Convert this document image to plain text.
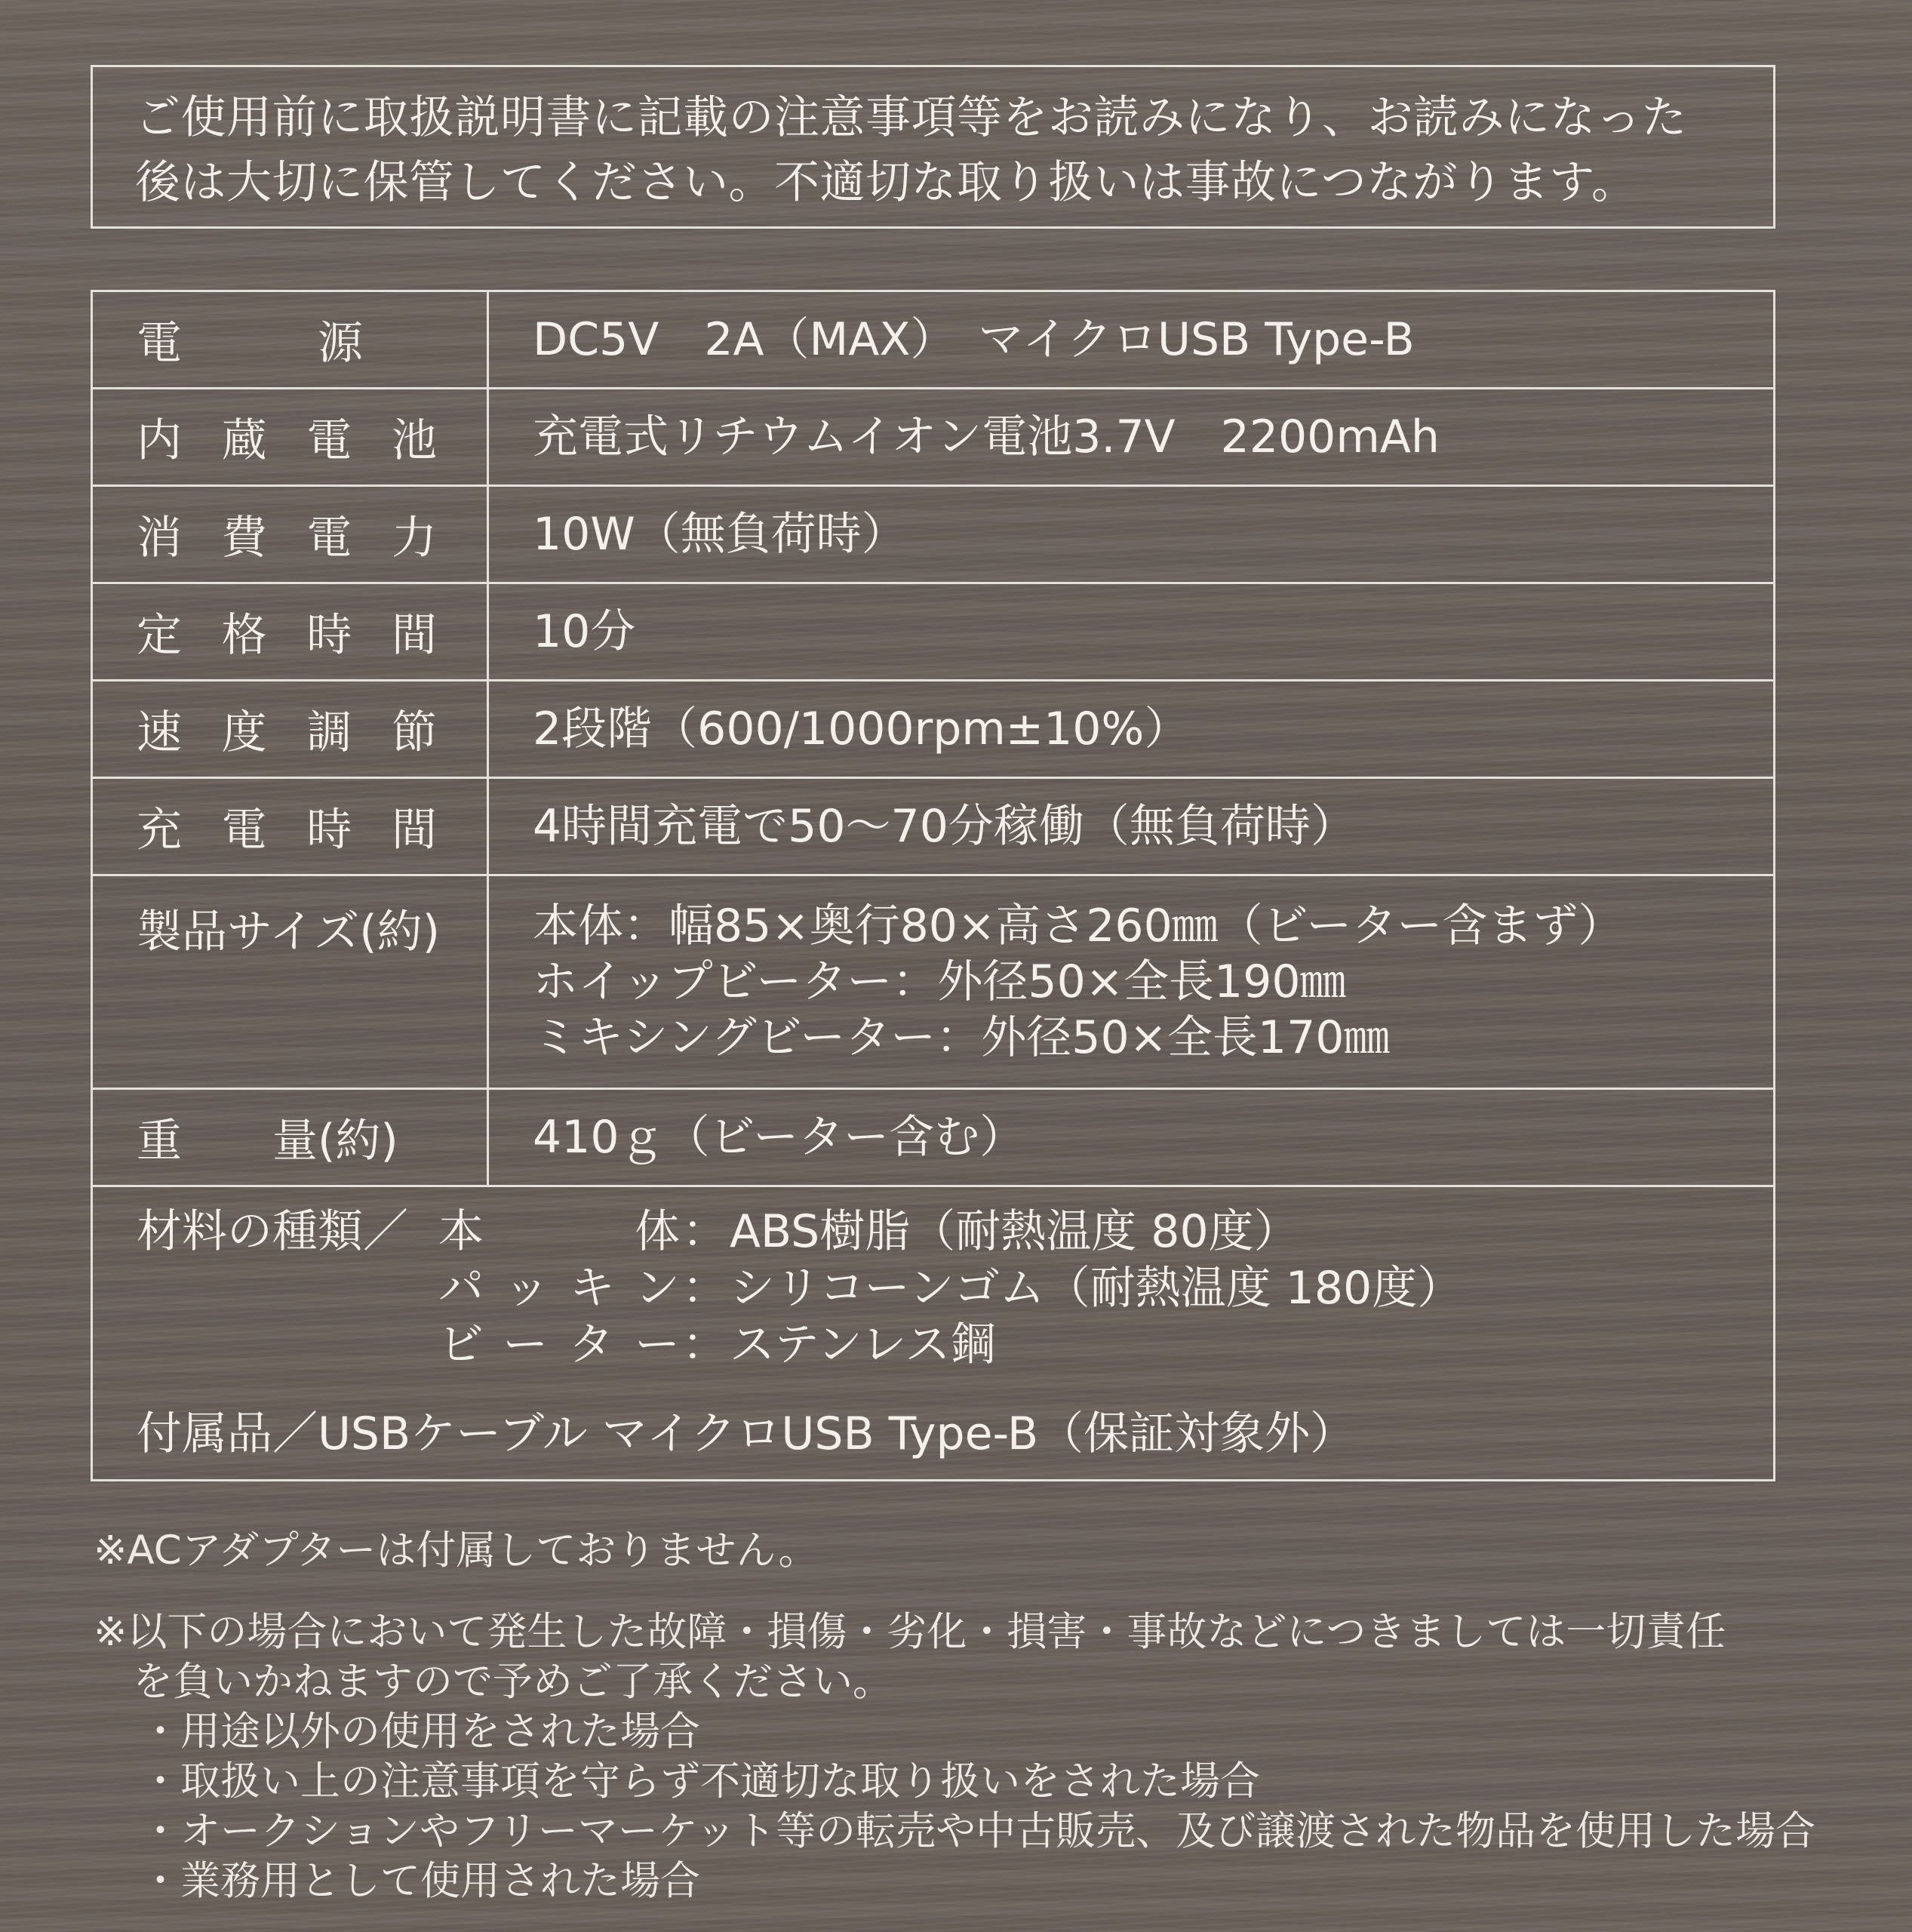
ご使用前に取扱説明書に記載の注意事項等をお読みになり、お読みになった
後は大切に保管してください。不適切な取り扱いは事故につながります。
電　　　源	DC5V　2A（MAX）　マイクロUSB Type-B
内蔵電池 充電式リチウムイオン電池3.7V　2200mAh
消費電力 10W（無負荷時）
定格時間 10分
速度調節 2段階（600/1000rpm±10%）
充電時間 4時間充電で50～70分稼働（無負荷時）
製品サイズ(約) 本体：幅85×奥行80×高さ260㎜（ビーター含まず）
ホイップビーター：外径50×全長190㎜
ミキシングビーター：外径50×全長170㎜
重　　量(約)	410ｇ（ビーター含む）
材料の種類／ 本　　体 ： ABS樹脂（耐熱温度 80度）
パッキン ： シリコーンゴム（耐熱温度 180度）
ビーター ： ステンレス鋼
付属品／USBケーブル マイクロUSB Type-B（保証対象外）
※ACアダプターは付属しておりません。
※以下の場合において発生した故障・損傷・劣化・損害・事故などにつきましては一切責任
を負いかねますので予めご了承ください。
・用途以外の使用をされた場合
・取扱い上の注意事項を守らず不適切な取り扱いをされた場合
・オークションやフリーマーケット等の転売や中古販売、及び譲渡された物品を使用した場合
・業務用として使用された場合
